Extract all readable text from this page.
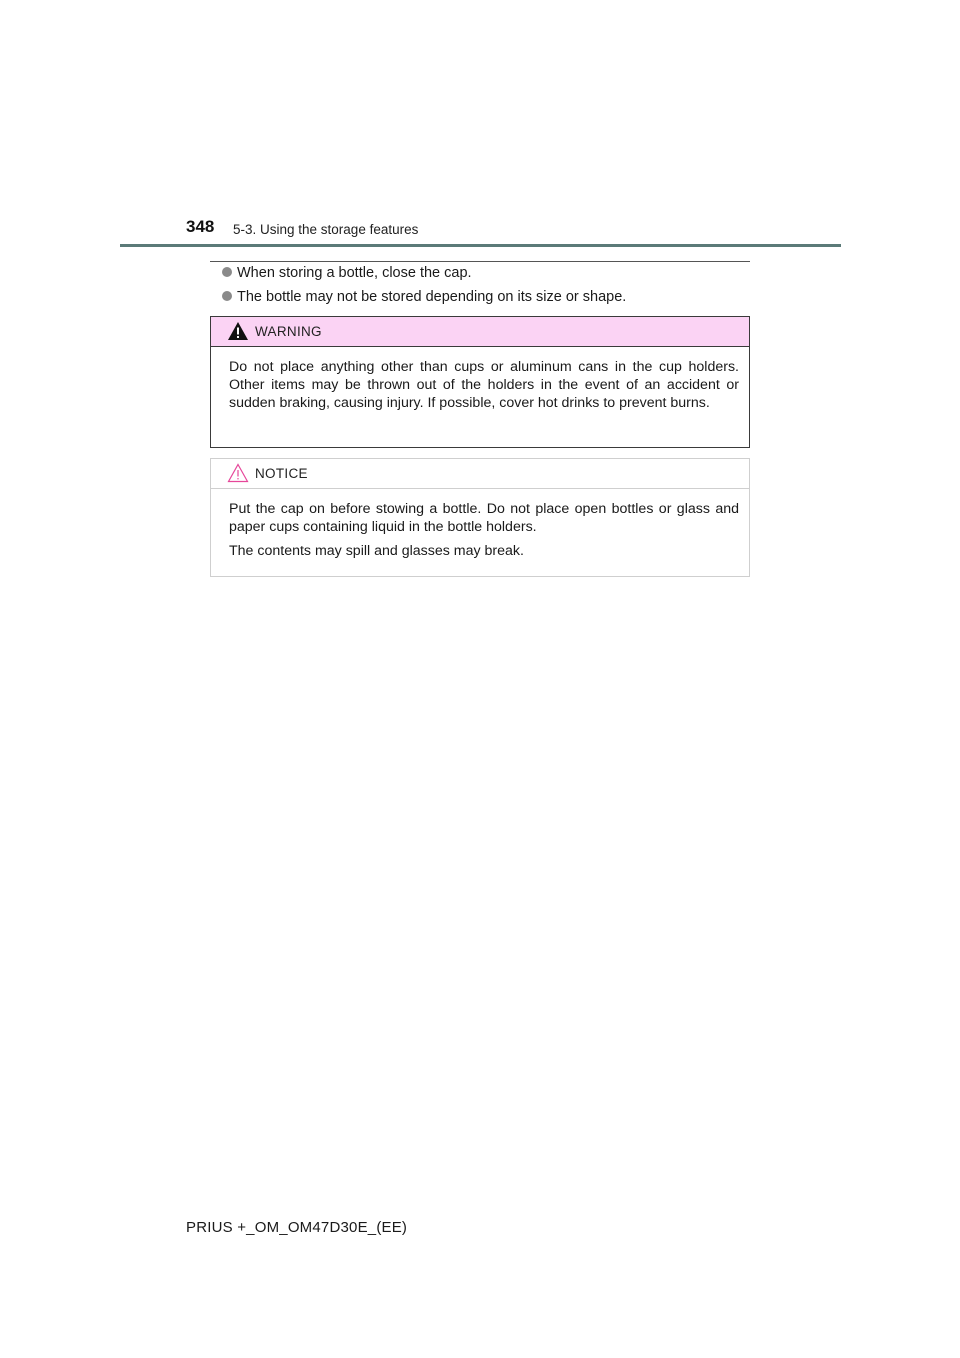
348 5-3. Using the storage features
When storing a bottle, close the cap.
The bottle may not be stored depending on its size or shape.
WARNING

Do not place anything other than cups or aluminum cans in the cup holders. Other items may be thrown out of the holders in the event of an accident or sudden braking, causing injury. If possible, cover hot drinks to prevent burns.

NOTICE

Put the cap on before stowing a bottle. Do not place open bottles or glass and paper cups containing liquid in the bottle holders.

The contents may spill and glasses may break.

PRIUS +_OM_OM47D30E_(EE)
